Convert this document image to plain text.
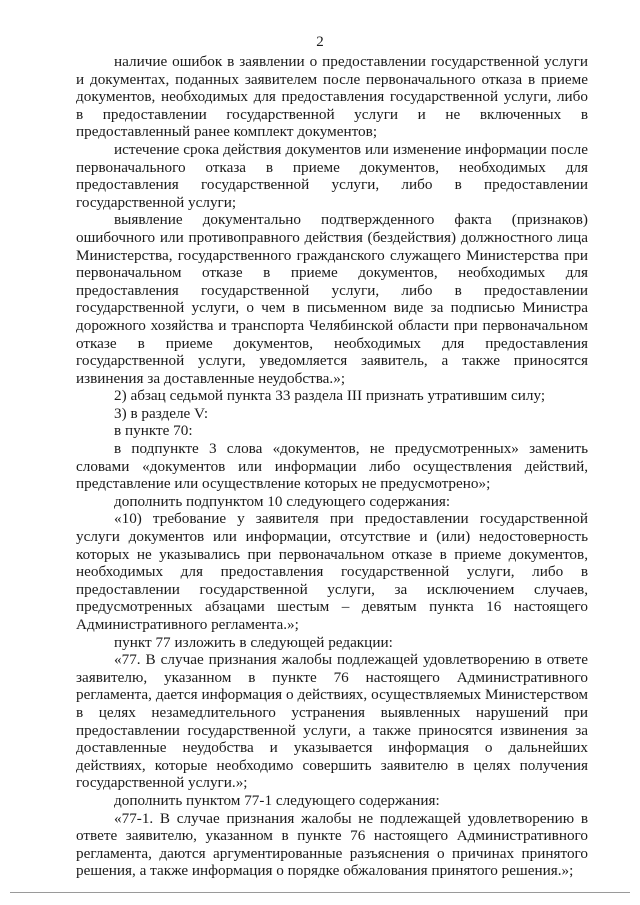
2

наличие ошибок в заявлении о предоставлении государственной услуги и документах, поданных заявителем после первоначального отказа в приеме документов, необходимых для предоставления государственной услуги, либо в предоставлении государственной услуги и не включенных в предоставленный ранее комплект документов;

истечение срока действия документов или изменение информации после первоначального отказа в приеме документов, необходимых для предоставления государственной услуги, либо в предоставлении государственной услуги;

выявление документально подтвержденного факта (признаков) ошибочного или противоправного действия (бездействия) должностного лица Министерства, государственного гражданского служащего Министерства при первоначальном отказе в приеме документов, необходимых для предоставления государственной услуги, либо в предоставлении государственной услуги, о чем в письменном виде за подписью Министра дорожного хозяйства и транспорта Челябинской области при первоначальном отказе в приеме документов, необходимых для предоставления государственной услуги, уведомляется заявитель, а также приносятся извинения за доставленные неудобства.»;

2) абзац седьмой пункта 33 раздела III признать утратившим силу;

3) в разделе V:

в пункте 70:

в подпункте 3 слова «документов, не предусмотренных» заменить словами «документов или информации либо осуществления действий, представление или осуществление которых не предусмотрено»;

дополнить подпунктом 10 следующего содержания:

«10) требование у заявителя при предоставлении государственной услуги документов или информации, отсутствие и (или) недостоверность которых не указывались при первоначальном отказе в приеме документов, необходимых для предоставления государственной услуги, либо в предоставлении государственной услуги, за исключением случаев, предусмотренных абзацами шестым – девятым пункта 16 настоящего Административного регламента.»;

пункт 77 изложить в следующей редакции:

«77. В случае признания жалобы подлежащей удовлетворению в ответе заявителю, указанном в пункте 76 настоящего Административного регламента, дается информация о действиях, осуществляемых Министерством в целях незамедлительного устранения выявленных нарушений при предоставлении государственной услуги, а также приносятся извинения за доставленные неудобства и указывается информация о дальнейших действиях, которые необходимо совершить заявителю в целях получения государственной услуги.»;

дополнить пунктом 77-1 следующего содержания:

«77-1. В случае признания жалобы не подлежащей удовлетворению в ответе заявителю, указанном в пункте 76 настоящего Административного регламента, даются аргументированные разъяснения о причинах принятого решения, а также информация о порядке обжалования принятого решения.»;
